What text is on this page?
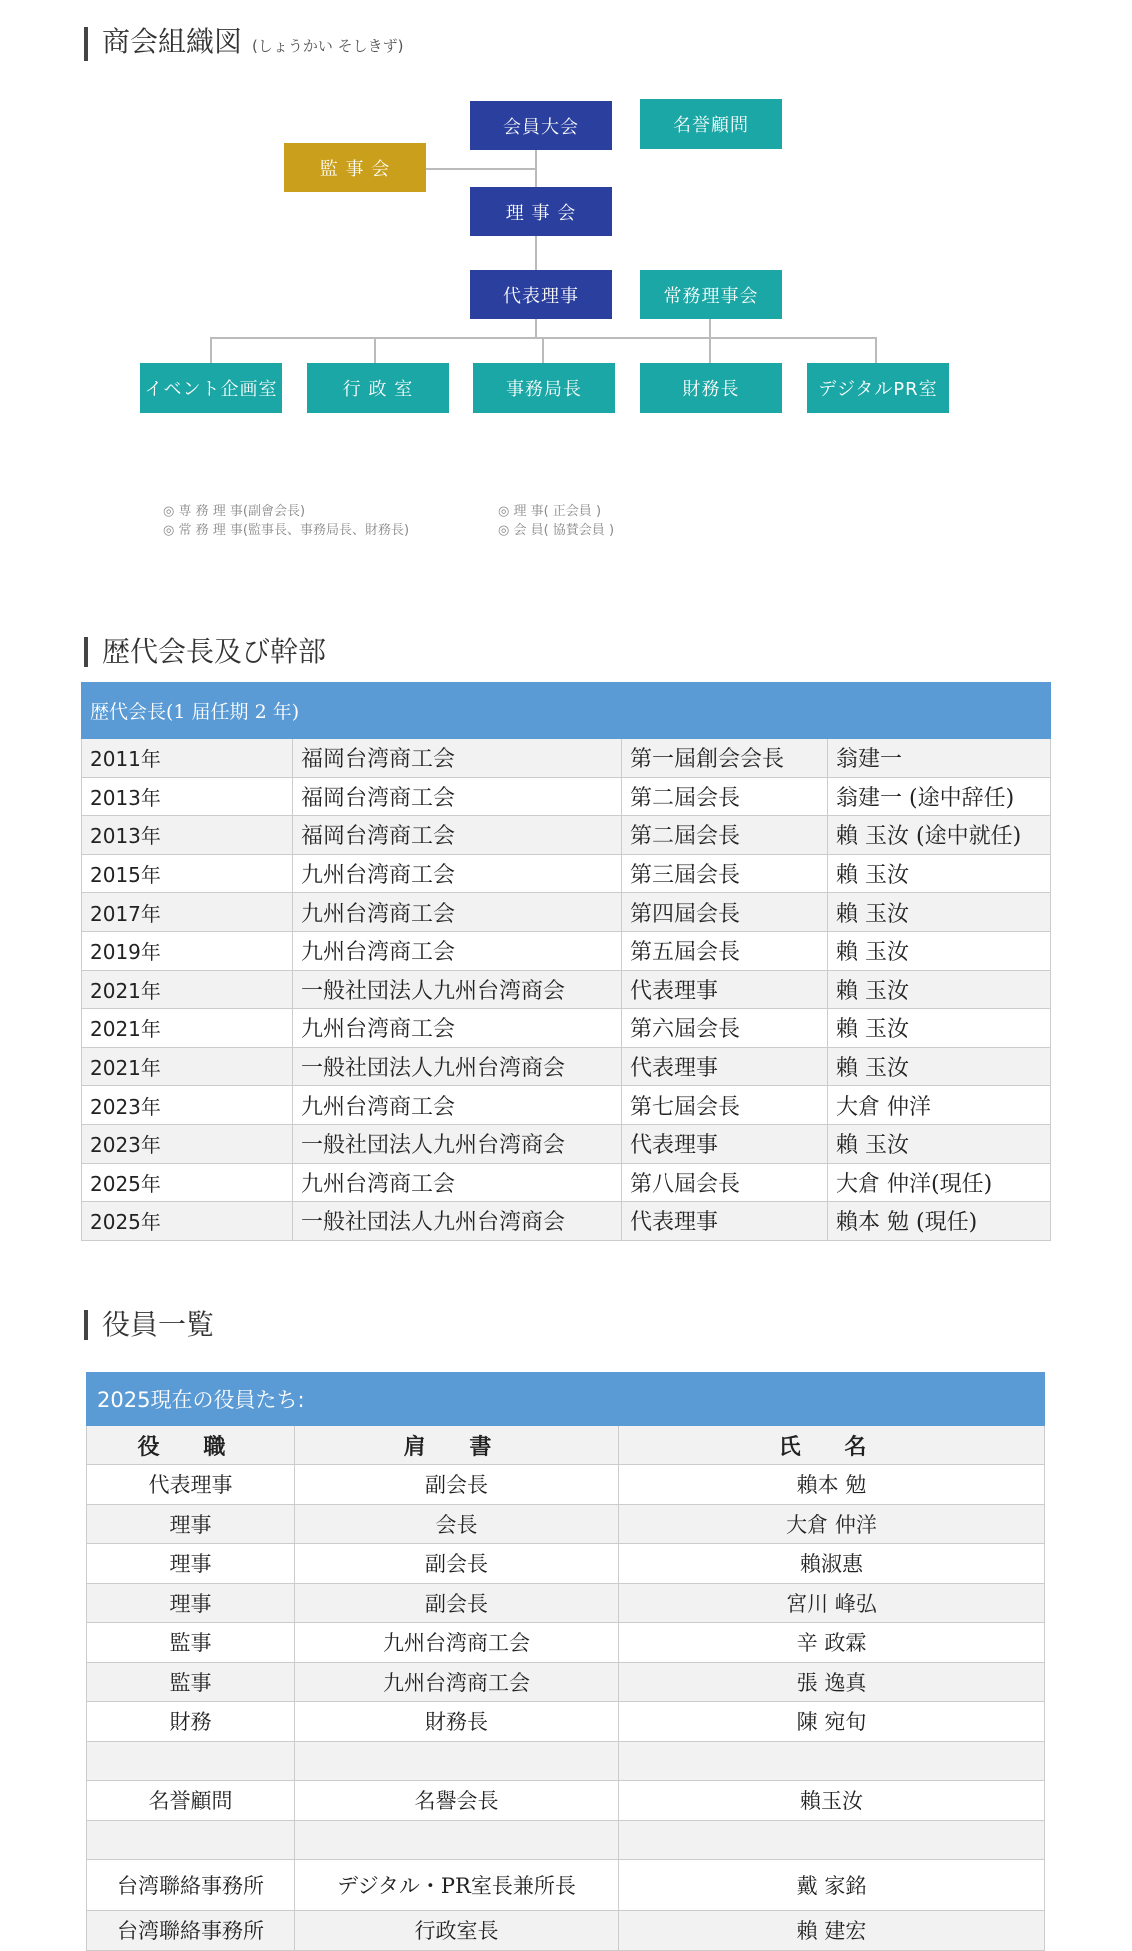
商会組織図 (しょうかい そしきず)
会員大会	名誉顧問
監 事 会
理 事 会
代表理事	常務理事会
イベント企画室	行 政 室	事務局長	財務長	デジタルPR室
◎ 専 務 理 事(副會会長)
◎ 常 務 理 事(監事長、事務局長、財務長)
◎ 理 事( 正会員 )
◎ 会 員( 協賛会員 )
歴代会長及び幹部
歴代会長(1 届任期 2 年)			
2011年	福岡台湾商工会	第一屆創会会長	翁建一
2013年	福岡台湾商工会	第二屆会長	翁建一 (途中辞任)
2013年	福岡台湾商工会	第二屆会長	賴 玉汝 (途中就任)
2015年	九州台湾商工会	第三屆会長	賴 玉汝
2017年	九州台湾商工会	第四屆会長	賴 玉汝
2019年	九州台湾商工会	第五屆会長	賴 玉汝
2021年	一般社団法人九州台湾商会	代表理事	賴 玉汝
2021年	九州台湾商工会	第六屆会長	賴 玉汝
2021年	一般社団法人九州台湾商会	代表理事	賴 玉汝
2023年	九州台湾商工会	第七屆会長	大倉 仲洋
2023年	一般社団法人九州台湾商会	代表理事	賴 玉汝
2025年	九州台湾商工会	第八屆会長	大倉 仲洋(現任)
2025年	一般社団法人九州台湾商会	代表理事	賴本 勉 (現任)
役員一覧
2025現在の役員たち:		
役 職	肩 書	氏 名
代表理事	副会長	賴本 勉
理事	会長	大倉 仲洋
理事	副会長	賴淑惠
理事	副会長	宮川 峰弘
監事	九州台湾商工会	辛 政霖
監事	九州台湾商工会	張 逸真
財務	財務長	陳 宛旬

名誉顧問	名譽会長	賴玉汝

台湾聯絡事務所	デジタル・PR室長兼所長	戴 家銘
台湾聯絡事務所	行政室長	賴 建宏
